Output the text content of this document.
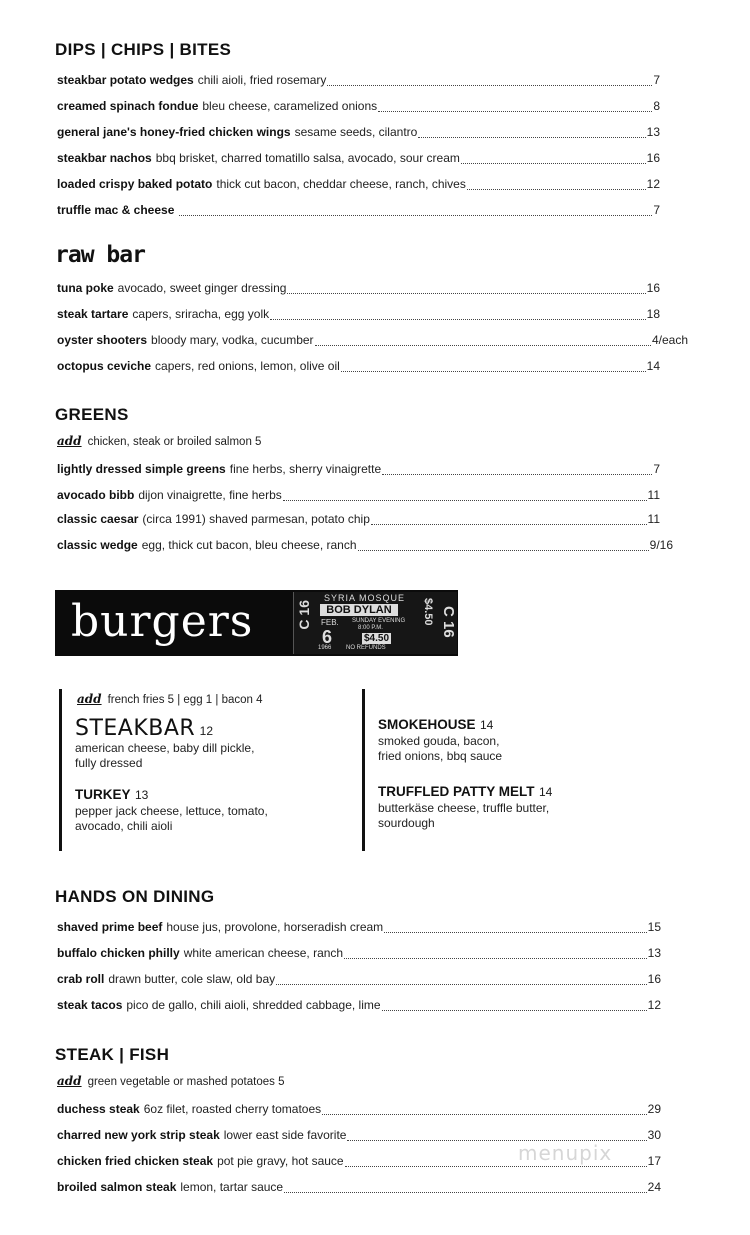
DIPS | CHIPS | BITES
raw bar
GREENS
add chicken, steak or broiled salmon 5
burgers	SYRIA MOSQUE
BOB DYLAN
FEB. SUNDAY EVENING
8:00 P.M.
6	$4.50
NO REFUNDS
1966
C 16	C 16
$4.50
add french fries 5 | egg 1 | bacon 4
STEAKBAR 12
american cheese, baby dill pickle,
fully dressed
TURKEY 13
pepper jack cheese, lettuce, tomato,
avocado, chili aioli
SMOKEHOUSE 14
smoked gouda, bacon,
fried onions, bbq sauce
TRUFFLED PATTY MELT 14
butterkäse cheese, truffle butter,
sourdough
HANDS ON DINING
STEAK | FISH
add green vegetable or mashed potatoes 5
menupix
steakbar potato wedges chili aioli, fried rosemary	7
creamed spinach fondue bleu cheese, caramelized onions	8
general jane's honey-fried chicken wings sesame seeds, cilantro	13
steakbar nachos bbq brisket, charred tomatillo salsa, avocado, sour cream	16
loaded crispy baked potato thick cut bacon, cheddar cheese, ranch, chives	12
truffle mac & cheese	7
tuna poke avocado, sweet ginger dressing	16
steak tartare capers, sriracha, egg yolk	18
oyster shooters bloody mary, vodka, cucumber	4/each
octopus ceviche capers, red onions, lemon, olive oil	14
lightly dressed simple greens fine herbs, sherry vinaigrette	7
avocado bibb dijon vinaigrette, fine herbs	11
classic caesar (circa 1991) shaved parmesan, potato chip	11
classic wedge egg, thick cut bacon, bleu cheese, ranch	9/16
shaved prime beef house jus, provolone, horseradish cream	15
buffalo chicken philly white american cheese, ranch	13
crab roll drawn butter, cole slaw, old bay	16
steak tacos pico de gallo, chili aioli, shredded cabbage, lime	12
duchess steak 6oz filet, roasted cherry tomatoes	29
charred new york strip steak lower east side favorite	30
chicken fried chicken steak pot pie gravy, hot sauce	17
broiled salmon steak lemon, tartar sauce	24
